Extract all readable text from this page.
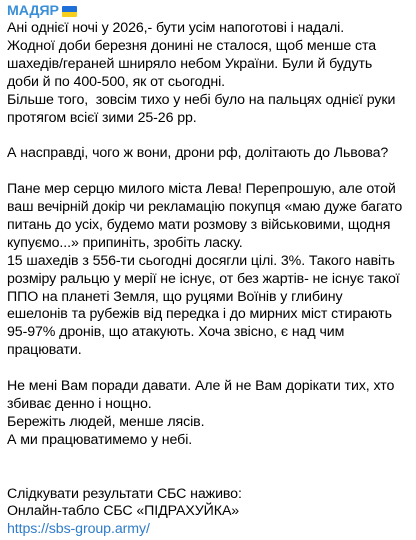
МАДЯР

Ані однієї ночі у 2026,- бути усім напоготові і надалі.
Жодної доби березня донині не сталося, щоб менше ста шахедів/гераней шниряло небом України. Були й будуть доби й по 400-500, як от сьогодні.
Більше того,  зовсім тихо у небі було на пальцях однієї руки протягом всієї зими 25-26 рр.

А насправді, чого ж вони, дрони рф, долітають до Львова?

Пане мер серцю милого міста Лева! Перепрошую, але отой ваш вечірній докір чи рекламацію покупця «маю дуже багато питань до усіх, будемо мати розмову з військовими, щодня купуємо...» припиніть, зробіть ласку.
15 шахедів з 556-ти сьогодні досягли цілі. 3%. Такого навіть розміру ральцю у мерії не існує, от без жартів- не існує такої ППО на планеті Земля, що руцями Воїнів у глибину ешелонів та рубежів від передка і до мирних міст стирають 95-97% дронів, що атакують. Хоча звісно, є над чим працювати.

Не мені Вам поради давати. Але й не Вам дорікати тих, хто збиває денно і нощно.
Бережіть людей, менше лясів.
А ми працюватимемо у небі.

Слідкувати результати СБС наживо:

Онлайн-табло СБС «ПІДРАХУЙКА»

https://sbs-group.army/
